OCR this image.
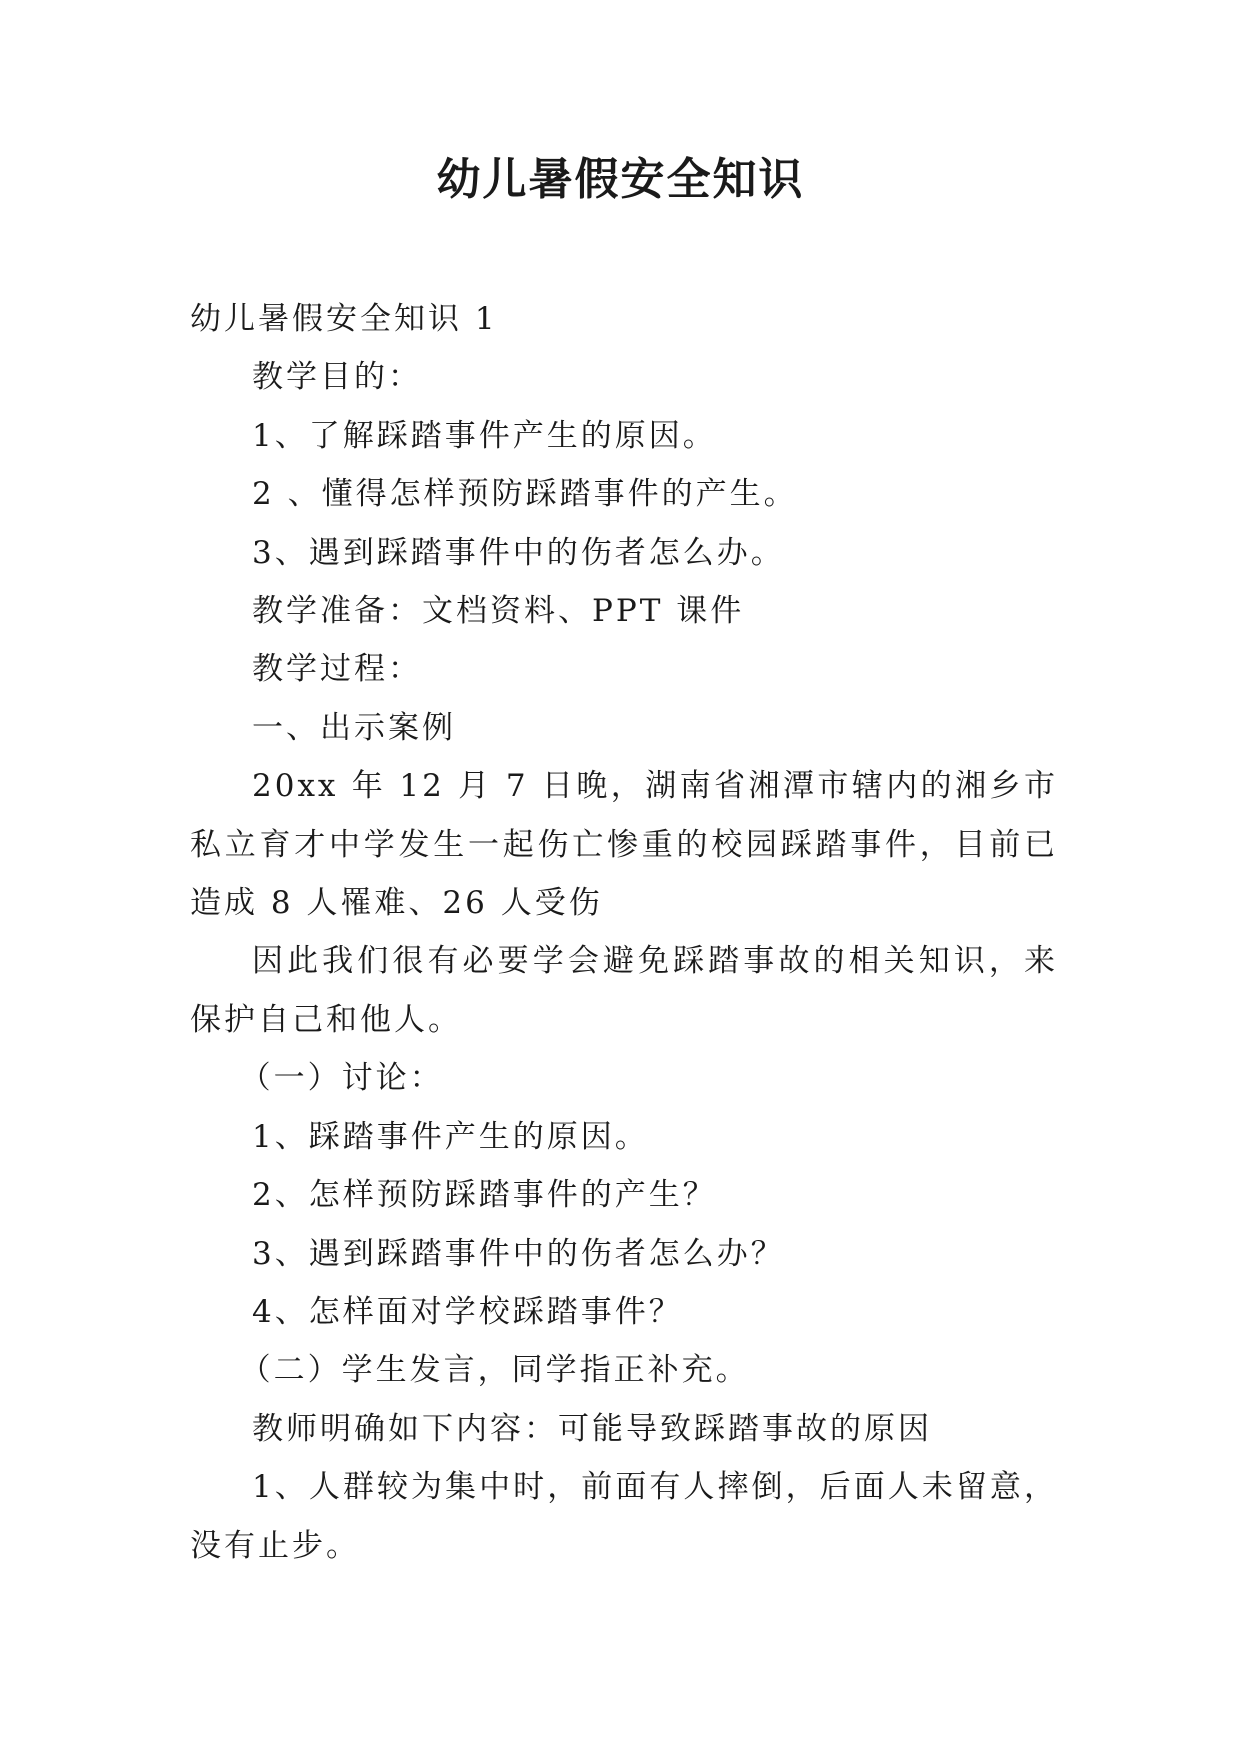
幼儿暑假安全知识

幼儿暑假安全知识 1

教学目的：

1、了解踩踏事件产生的原因。

2 、懂得怎样预防踩踏事件的产生。

3、遇到踩踏事件中的伤者怎么办。

教学准备：文档资料、PPT 课件

教学过程：

一、出示案例

20xx 年 12 月 7 日晚，湖南省湘潭市辖内的湘乡市私立育才中学发生一起伤亡惨重的校园踩踏事件，目前已造成 8 人罹难、26 人受伤

因此我们很有必要学会避免踩踏事故的相关知识，来保护自己和他人。

（一）讨论：

1、踩踏事件产生的原因。

2、怎样预防踩踏事件的产生？

3、遇到踩踏事件中的伤者怎么办？

4、怎样面对学校踩踏事件？

（二）学生发言，同学指正补充。

教师明确如下内容：可能导致踩踏事故的原因

1、人群较为集中时，前面有人摔倒，后面人未留意，没有止步。
